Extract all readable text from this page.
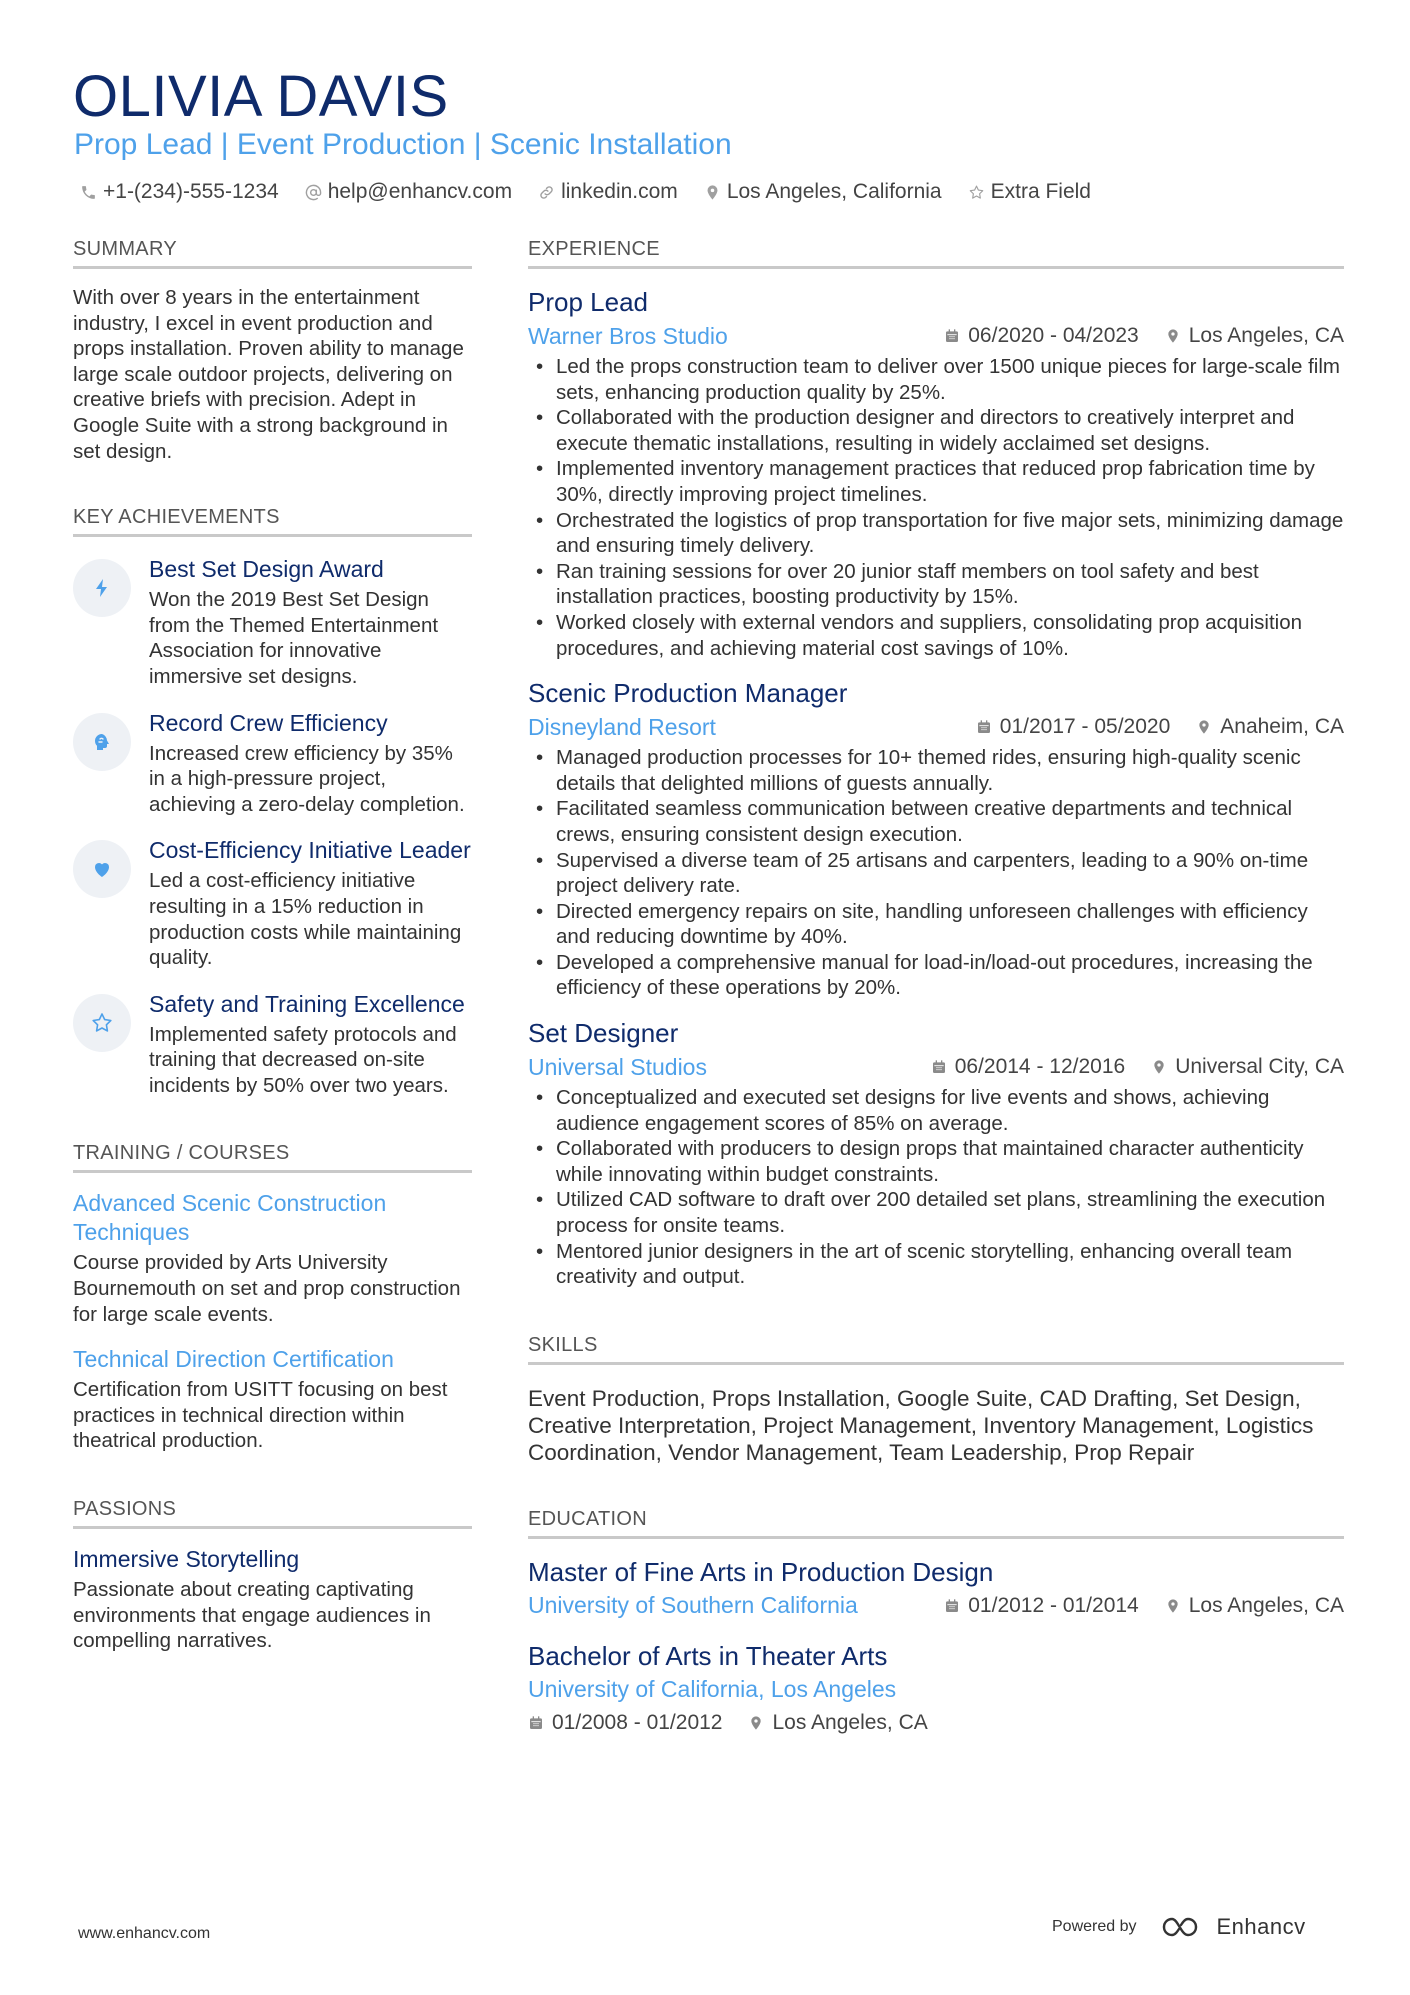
OLIVIA DAVIS
Prop Lead | Event Production | Scenic Installation
+1-(234)-555-1234 help@enhancv.com linkedin.com Los Angeles, California Extra Field
SUMMARY
With over 8 years in the entertainment industry, I excel in event production and props installation. Proven ability to manage large scale outdoor projects, delivering on creative briefs with precision. Adept in Google Suite with a strong background in set design.
KEY ACHIEVEMENTS
Best Set Design Award
Won the 2019 Best Set Design from the Themed Entertainment Association for innovative immersive set designs.
Record Crew Efficiency
Increased crew efficiency by 35% in a high-pressure project, achieving a zero-delay completion.
Cost-Efficiency Initiative Leader
Led a cost-efficiency initiative resulting in a 15% reduction in production costs while maintaining quality.
Safety and Training Excellence
Implemented safety protocols and training that decreased on-site incidents by 50% over two years.
TRAINING / COURSES
Advanced Scenic Construction Techniques
Course provided by Arts University Bournemouth on set and prop construction for large scale events.
Technical Direction Certification
Certification from USITT focusing on best practices in technical direction within theatrical production.
PASSIONS
Immersive Storytelling
Passionate about creating captivating environments that engage audiences in compelling narratives.
EXPERIENCE
Prop Lead
Warner Bros Studio	06/2020 - 04/2023 Los Angeles, CA
• Led the props construction team to deliver over 1500 unique pieces for large-scale film sets, enhancing production quality by 25%.
• Collaborated with the production designer and directors to creatively interpret and execute thematic installations, resulting in widely acclaimed set designs.
• Implemented inventory management practices that reduced prop fabrication time by 30%, directly improving project timelines.
• Orchestrated the logistics of prop transportation for five major sets, minimizing damage and ensuring timely delivery.
• Ran training sessions for over 20 junior staff members on tool safety and best installation practices, boosting productivity by 15%.
• Worked closely with external vendors and suppliers, consolidating prop acquisition procedures, and achieving material cost savings of 10%.
Scenic Production Manager
Disneyland Resort	01/2017 - 05/2020 Anaheim, CA
• Managed production processes for 10+ themed rides, ensuring high-quality scenic details that delighted millions of guests annually.
• Facilitated seamless communication between creative departments and technical crews, ensuring consistent design execution.
• Supervised a diverse team of 25 artisans and carpenters, leading to a 90% on-time project delivery rate.
• Directed emergency repairs on site, handling unforeseen challenges with efficiency and reducing downtime by 40%.
• Developed a comprehensive manual for load-in/load-out procedures, increasing the efficiency of these operations by 20%.
Set Designer
Universal Studios	06/2014 - 12/2016 Universal City, CA
• Conceptualized and executed set designs for live events and shows, achieving audience engagement scores of 85% on average.
• Collaborated with producers to design props that maintained character authenticity while innovating within budget constraints.
• Utilized CAD software to draft over 200 detailed set plans, streamlining the execution process for onsite teams.
• Mentored junior designers in the art of scenic storytelling, enhancing overall team creativity and output.
SKILLS
Event Production, Props Installation, Google Suite, CAD Drafting, Set Design, Creative Interpretation, Project Management, Inventory Management, Logistics Coordination, Vendor Management, Team Leadership, Prop Repair
EDUCATION
Master of Fine Arts in Production Design
University of Southern California	01/2012 - 01/2014 Los Angeles, CA
Bachelor of Arts in Theater Arts
University of California, Los Angeles
01/2008 - 01/2012 Los Angeles, CA
www.enhancv.com	Powered by	Enhancv
